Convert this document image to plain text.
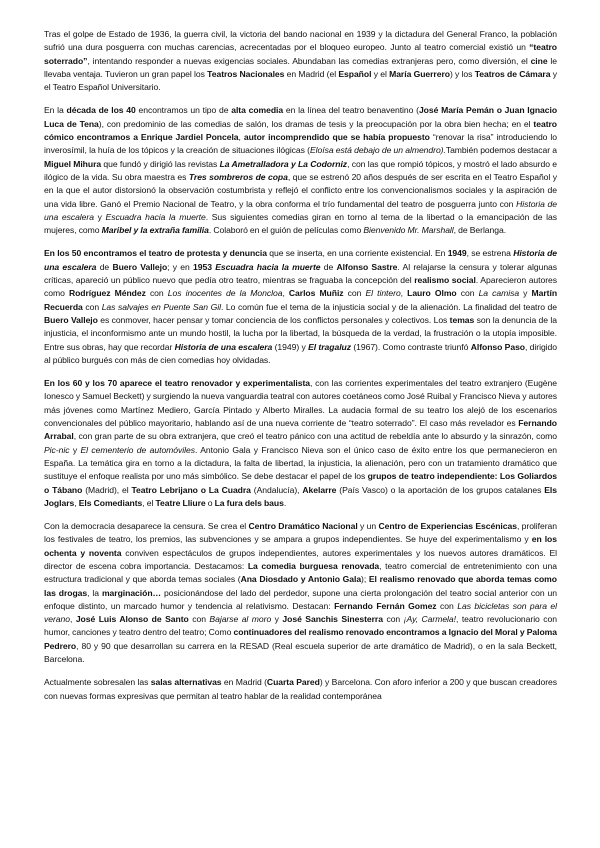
Tras el golpe de Estado de 1936, la guerra civil, la victoria del bando nacional en 1939 y la dictadura del General Franco, la población sufrió una dura posguerra con muchas carencias, acrecentadas por el bloqueo europeo. Junto al teatro comercial existió un “teatro soterrado”, intentando responder a nuevas exigencias sociales. Abundaban las comedias extranjeras pero, como diversión, el cine le llevaba ventaja. Tuvieron un gran papel los Teatros Nacionales en Madrid (el Español y el María Guerrero) y los Teatros de Cámara y el Teatro Español Universitario.

En la década de los 40 encontramos un tipo de alta comedia en la línea del teatro benaventino (José María Pemán o Juan Ignacio Luca de Tena), con predominio de las comedias de salón, los dramas de tesis y la preocupación por la obra bien hecha; en el teatro cómico encontramos a Enrique Jardiel Poncela, autor incomprendido que se había propuesto “renovar la risa” introduciendo lo inverosímil, la huía de los tópicos y la creación de situaciones ilógicas (Eloísa está debajo de un almendro).También podemos destacar a Miguel Mihura que fundó y dirigió las revistas La Ametralladora y La Codorniz, con las que rompió tópicos, y mostró el lado absurdo e ilógico de la vida. Su obra maestra es Tres sombreros de copa, que se estrenó 20 años después de ser escrita en el Teatro Español y en la que el autor distorsionó la observación costumbrista y reflejó el conflicto entre los convencionalismos sociales y la aspiración de una vida libre. Ganó el Premio Nacional de Teatro, y la obra conforma el trío fundamental del teatro de posguerra junto con Historia de una escalera y Escuadra hacia la muerte. Sus siguientes comedias giran en torno al tema de la libertad o la emancipación de las mujeres, como Maribel y la extraña familia. Colaboró en el guión de películas como Bienvenido Mr. Marshall, de Berlanga.

En los 50 encontramos el teatro de protesta y denuncia que se inserta, en una corriente existencial. En 1949, se estrena Historia de una escalera de Buero Vallejo; y en 1953 Escuadra hacia la muerte de Alfonso Sastre. Al relajarse la censura y tolerar algunas críticas, apareció un público nuevo que pedía otro teatro, mientras se fraguaba la concepción del realismo social. Aparecieron autores como Rodríguez Méndez con Los inocentes de la Moncloa, Carlos Muñiz con El tintero, Lauro Olmo con La camisa y Martín Recuerda con Las salvajes en Puente San Gil. Lo común fue el tema de la injusticia social y de la alienación. La finalidad del teatro de Buero Vallejo es conmover, hacer pensar y tomar conciencia de los conflictos personales y colectivos. Los temas son la denuncia de la injusticia, el inconformismo ante un mundo hostil, la lucha por la libertad, la búsqueda de la verdad, la frustración o la utopía imposible. Entre sus obras, hay que recordar Historia de una escalera (1949) y El tragaluz (1967). Como contraste triunfó Alfonso Paso, dirigido al público burgués con más de cien comedias hoy olvidadas.

En los 60 y los 70 aparece el teatro renovador y experimentalista, con las corrientes experimentales del teatro extranjero (Eugène Ionesco y Samuel Beckett) y surgiendo la nueva vanguardia teatral con autores coetáneos como José Ruibal y Francisco Nieva y autores más jóvenes como Martínez Mediero, García Pintado y Alberto Miralles. La audacia formal de su teatro los alejó de los escenarios convencionales del público mayoritario, hablando así de una nueva corriente de “teatro soterrado”. El caso más revelador es Fernando Arrabal, con gran parte de su obra extranjera, que creó el teatro pánico con una actitud de rebeldía ante lo absurdo y la sinrazón, como Pic-nic y El cementerio de automóviles. Antonio Gala y Francisco Nieva son el único caso de éxito entre los que permanecieron en España. La temática gira en torno a la dictadura, la falta de libertad, la injusticia, la alienación, pero con un tratamiento dramático que sustituye el enfoque realista por uno más simbólico. Se debe destacar el papel de los grupos de teatro independiente: Los Goliardos o Tábano (Madrid), el Teatro Lebrijano o La Cuadra (Andalucía), Akelarre (País Vasco) o la aportación de los grupos catalanes Els Joglars, Els Comediants, el Teatre Lliure o La fura dels baus.

Con la democracia desaparece la censura. Se crea el Centro Dramático Nacional y un Centro de Experiencias Escénicas, proliferan los festivales de teatro, los premios, las subvenciones y se ampara a grupos independientes. Se huye del experimentalismo y en los ochenta y noventa conviven espectáculos de grupos independientes, autores experimentales y los nuevos autores dramáticos. El director de escena cobra importancia. Destacamos: La comedia burguesa renovada, teatro comercial de entretenimiento con una estructura tradicional y que aborda temas sociales (Ana Diosdado y Antonio Gala); El realismo renovado que aborda temas como las drogas, la marginación… posicionándose del lado del perdedor, supone una cierta prolongación del teatro social anterior con un enfoque distinto, un marcado humor y tendencia al relativismo. Destacan: Fernando Fernán Gomez con Las bicicletas son para el verano, José Luis Alonso de Santo con Bajarse al moro y José Sanchis Sinesterra con ¡Ay, Carmela!, teatro revolucionario con humor, canciones y teatro dentro del teatro; Como continuadores del realismo renovado encontramos a Ignacio del Moral y Paloma Pedrero, 80 y 90 que desarrollan su carrera en la RESAD (Real escuela superior de arte dramático de Madrid), o en la sala Beckett, Barcelona.

Actualmente sobresalen las salas alternativas en Madrid (Cuarta Pared) y Barcelona. Con aforo inferior a 200 y que buscan creadores con nuevas formas expresivas que permitan al teatro hablar de la realidad contemporánea
